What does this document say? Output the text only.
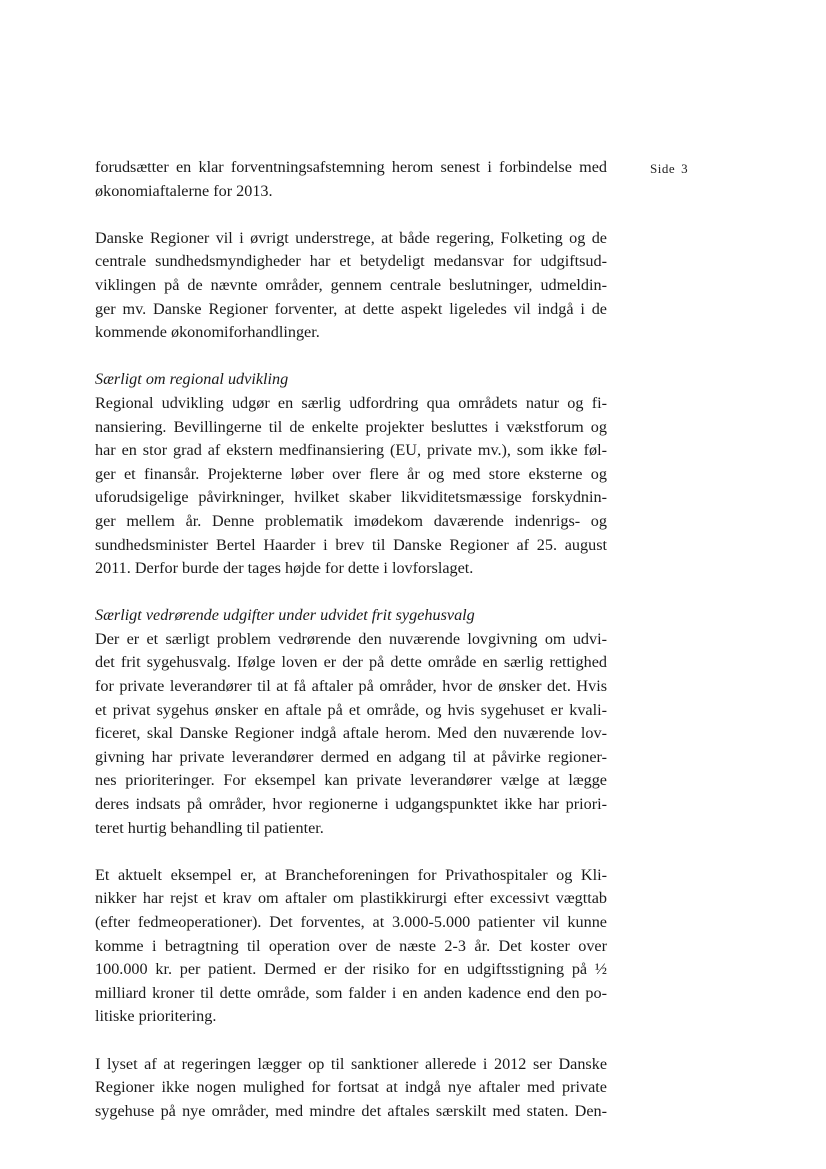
Side 3
forudsætter en klar forventningsafstemning herom senest i forbindelse med
økonomiaftalerne for 2013.
Danske Regioner vil i øvrigt understrege, at både regering, Folketing og de
centrale sundhedsmyndigheder har et betydeligt medansvar for udgiftsud-
viklingen på de nævnte områder, gennem centrale beslutninger, udmeldin-
ger mv. Danske Regioner forventer, at dette aspekt ligeledes vil indgå i de
kommende økonomiforhandlinger.
Særligt om regional udvikling
Regional udvikling udgør en særlig udfordring qua områdets natur og fi-
nansiering. Bevillingerne til de enkelte projekter besluttes i vækstforum og
har en stor grad af ekstern medfinansiering (EU, private mv.), som ikke føl-
ger et finansår. Projekterne løber over flere år og med store eksterne og
uforudsigelige påvirkninger, hvilket skaber likviditetsmæssige forskydnin-
ger mellem år. Denne problematik imødekom daværende indenrigs- og
sundhedsminister Bertel Haarder i brev til Danske Regioner af 25. august
2011. Derfor burde der tages højde for dette i lovforslaget.
Særligt vedrørende udgifter under udvidet frit sygehusvalg
Der er et særligt problem vedrørende den nuværende lovgivning om udvi-
det frit sygehusvalg. Ifølge loven er der på dette område en særlig rettighed
for private leverandører til at få aftaler på områder, hvor de ønsker det. Hvis
et privat sygehus ønsker en aftale på et område, og hvis sygehuset er kvali-
ficeret, skal Danske Regioner indgå aftale herom. Med den nuværende lov-
givning har private leverandører dermed en adgang til at påvirke regioner-
nes prioriteringer. For eksempel kan private leverandører vælge at lægge
deres indsats på områder, hvor regionerne i udgangspunktet ikke har priori-
teret hurtig behandling til patienter.
Et aktuelt eksempel er, at Brancheforeningen for Privathospitaler og Kli-
nikker har rejst et krav om aftaler om plastikkirurgi efter excessivt vægttab
(efter fedmeoperationer). Det forventes, at 3.000-5.000 patienter vil kunne
komme i betragtning til operation over de næste 2-3 år. Det koster over
100.000 kr. per patient. Dermed er der risiko for en udgiftsstigning på ½
milliard kroner til dette område, som falder i en anden kadence end den po-
litiske prioritering.
I lyset af at regeringen lægger op til sanktioner allerede i 2012 ser Danske
Regioner ikke nogen mulighed for fortsat at indgå nye aftaler med private
sygehuse på nye områder, med mindre det aftales særskilt med staten. Den-
